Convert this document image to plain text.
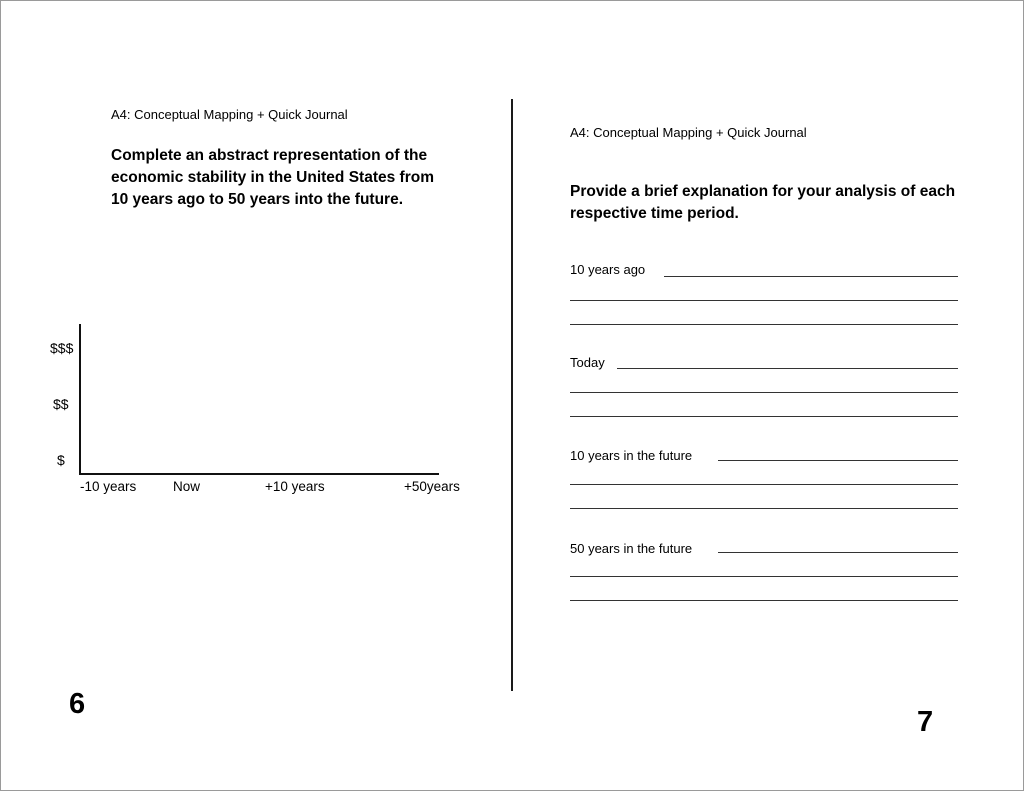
A4: Conceptual Mapping + Quick Journal
Complete an abstract representation of the
economic stability in the United States from
10 years ago to 50 years into the future.
$$$
$$
$
-10 years	Now	+10 years	+50years
6
A4: Conceptual Mapping + Quick Journal
Provide a brief explanation for your analysis of each
respective time period.
10 years ago
Today
10 years in the future
50 years in the future
7
